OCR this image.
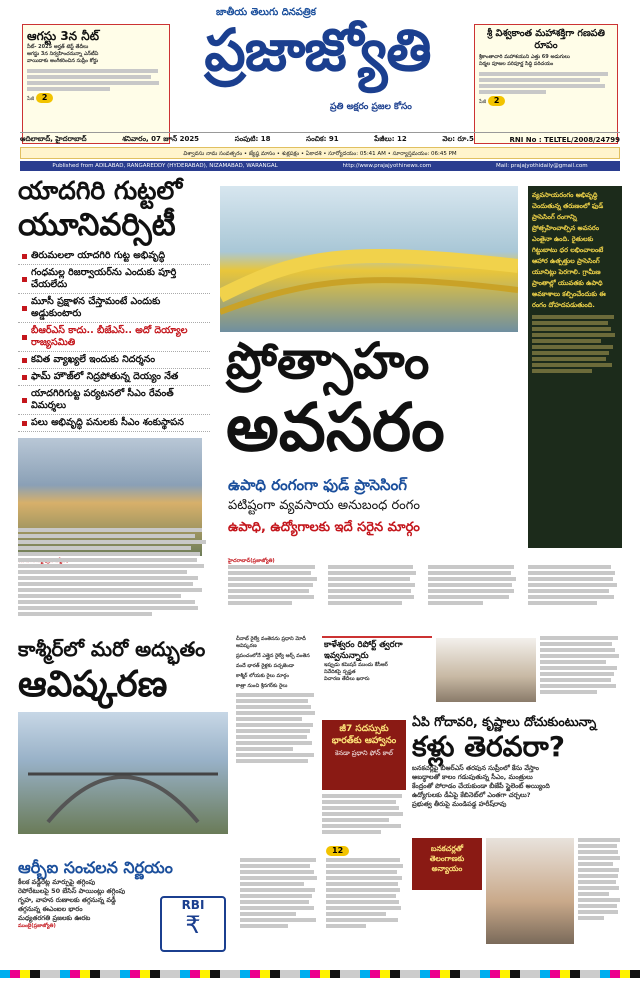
ఆగస్టు 3న నీట్
నీట్- 2025 అర్హత్‌ టెస్ట్ తేదీలు
ఆగస్టు 3న నిర్వహించనున్నా ఎన్‌టీఏ
వాయిదాకు అంగీకరించిన సుప్రీం కోర్టు
పేజీ 2
జాతీయ తెలుగు దినపత్రిక
ప్రజాజ్యోతి
ప్రతి అక్షరం ప్రజల కోసం
శ్రీ విశ్వకాంత మహాశక్తిగా గణపతి రూపం
శ్రీకాంతాచారి మహాశయుని ఎత్తు 69 అడుగులు
నిర్మల పూజల పరిపూర్ణ సిద్ధి పరిచయం
పేజీ 2
ఆదిలాబాద్, హైదరాబాద్	శనివారం, 07 జూన్ 2025	సంపుటి: 18	సంచిక: 91	పేజీలు: 12	వెల: రూ.5	RNI No : TELTEL/2008/24799
విశ్వావసు నామ సంవత్సరం • జ్యేష్ఠ మాసం • శుక్లపక్షం • ఏకాదశి • సూర్యోదయం: 05:41 AM • సూర్యాస్తమయం: 06:45 PM
Published from ADILABAD, RANGAREDDY (HYDERABAD), NIZAMABAD, WARANGAL	http://www.prajajyothinews.com	Mail: prajajyothidaily@gmail.com
యాదగిరి గుట్టలో
యూనివర్సిటీ
తిరుమలలా యాదగిరి గుట్ట అభివృద్ధి
గంధమల్ల రిజర్వాయర్‌ను ఎందుకు పూర్తి చేయలేదు
మూసీ ప్రక్షాళన చేస్తామంటే ఎందుకు అడ్డుకుంటారు
బీఆర్‌ఎస్ కాదు.. బీజేఎస్.. అదో దెయ్యాల రాజ్యసమితి
కవిత వ్యాఖ్యలే ఇందుకు నిదర్శనం
ఫామ్ హౌజ్‌లో నిద్రపోతున్న దెయ్యం నేత
యాదగిరిగుట్ట పర్యటనలో సీఎం రేవంత్ విమర్శలు
పలు అభివృద్ధి పనులకు సీఎం శంకుస్థాపన
ప్రోత్సాహం
అవసరం
ఉపాధి రంగంగా ఫుడ్ ప్రాసెసింగ్
పటిష్టంగా వ్యవసాయ అనుబంధ రంగం
ఉపాధి, ఉద్యోగాలకు ఇదే సరైన మార్గం
వ్యవసాయరంగం అభివృద్ధి చెందుతున్న తరుణంలో ఫుడ్ ప్రాసెసింగ్ రంగాన్ని ప్రోత్సహించాల్సిన అవసరం ఎంతైనా ఉంది. రైతులకు గిట్టుబాటు ధర లభించాలంటే ఆహార ఉత్పత్తుల ప్రాసెసింగ్ యూనిట్లు పెరగాలి. గ్రామీణ ప్రాంతాల్లో యువతకు ఉపాధి అవకాశాలు కల్పించేందుకు ఈ రంగం దోహదపడుతుంది.
హైదరాబాద్(ప్రజాజ్యోతి)
కాశ్మీర్‌లో మరో అద్భుతం
ఆవిష్కరణ
చీనాబ్ రైల్వే వంతెనను ప్రధాని మోదీ ఆవిష్కరణ
ప్రపంచంలోనే ఎత్తైన రైల్వే ఆర్చ్ వంతెన
వందే భారత్ రైళ్లకు పచ్చజెండా
కాశ్మీర్ లోయకు రైలు మార్గం
కాత్రా నుంచి శ్రీనగర్‌కు రైలు
కాళేశ్వరం రిపోర్ట్ త్వరగా ఇవ్వనున్నారు
ఇప్పుడు కమిషన్ ముందు కేసీఆర్
నివేదికపై స్పష్టత
విచారణ తేదీలు ఖరారు
జీ7 సదస్సుకు భారత్‌కు ఆహ్వానం
కెనడా ప్రధాని ఫోన్ కాల్
12
ఏపి గోదావరి, కృష్ణాలు దోచుకుంటున్నా
కళ్లు తెరవరా?
బనకచర్లపై బీఆర్‌ఎస్ తరపున సుప్రీంలో కేసు వేస్తాం
అబద్ధాలతో కాలం గడుపుతున్న సీఎం, మంత్రులు
కేంద్రంతో పోరాడం చేయకుండా బీజేపీ స్టైలెంట్ అయ్యింది
ఉద్యోగులకు డీఏపై కేబినెట్‌లో ఎంతగా చర్చలు?
ప్రభుత్వ తీరుపై మండిపడ్డ హరీష్‌రావు
బనకచర్లతో తెలంగాణకు అన్యాయం
ఆర్బీఐ సంచలన నిర్ణయం
కీలక వడ్డీరేట్ల మార్పుపై తగ్గింపు
రెపోరేటులపై 50 బేసిస్ పాయింట్లు తగ్గింపు
గృహ, వాహన రుణాలకు తగ్గనున్న వడ్డీ
తగ్గనున్న ఈఎంఐల భారం
మధ్యతరగతి ప్రజలకు ఊరట
ముంబై(ప్రజాజ్యోతి)
RBI
₹
